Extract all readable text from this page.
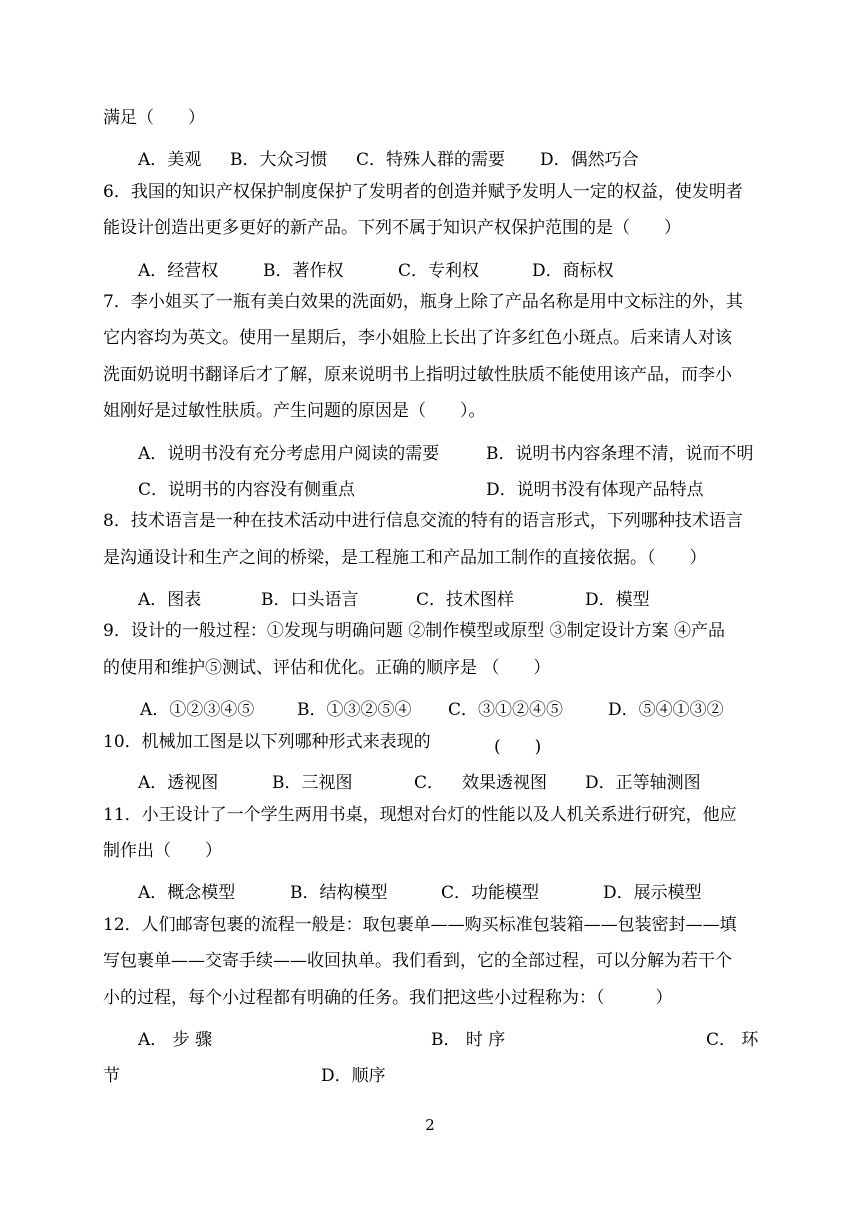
满足（　　）
A．美观 B．大众习惯 C．特殊人群的需要 D．偶然巧合
6．我国的知识产权保护制度保护了发明者的创造并赋予发明人一定的权益，使发明者
能设计创造出更多更好的新产品。下列不属于知识产权保护范围的是（　　）
A．经营权	B．著作权	C．专利权	D．商标权
7．李小姐买了一瓶有美白效果的洗面奶，瓶身上除了产品名称是用中文标注的外，其
它内容均为英文。使用一星期后，李小姐脸上长出了许多红色小斑点。后来请人对该
洗面奶说明书翻译后才了解，原来说明书上指明过敏性肤质不能使用该产品，而李小
姐刚好是过敏性肤质。产生问题的原因是（　　）。
A．说明书没有充分考虑用户阅读的需要	B．说明书内容条理不清，说而不明
C．说明书的内容没有侧重点	D．说明书没有体现产品特点
8．技术语言是一种在技术活动中进行信息交流的特有的语言形式，下列哪种技术语言
是沟通设计和生产之间的桥梁，是工程施工和产品加工制作的直接依据。（　　）
A．图表	B．口头语言	C．技术图样	D．模型
9．设计的一般过程：①发现与明确问题 ②制作模型或原型 ③制定设计方案 ④产品
的使用和维护⑤测试、评估和优化。正确的顺序是 （　　）
A．①②③④⑤	B．①③②⑤④ C．③①②④⑤	D．⑤④①③②
10．机械加工图是以下列哪种形式来表现的	(　　)
A．透视图	B．三视图	C． 效果透视图 D．正等轴测图
11．小王设计了一个学生两用书桌，现想对台灯的性能以及人机关系进行研究，他应
制作出（　　）
A．概念模型	B．结构模型	C．功能模型	D．展示模型
12．人们邮寄包裹的流程一般是：取包裹单——购买标准包装箱——包装密封——填
写包裹单——交寄手续——收回执单。我们看到，它的全部过程，可以分解为若干个
小的过程，每个小过程都有明确的任务。我们把这些小过程称为：（　　　）
A． 步 骤	B． 时 序	C． 环
节	D．顺序
2
